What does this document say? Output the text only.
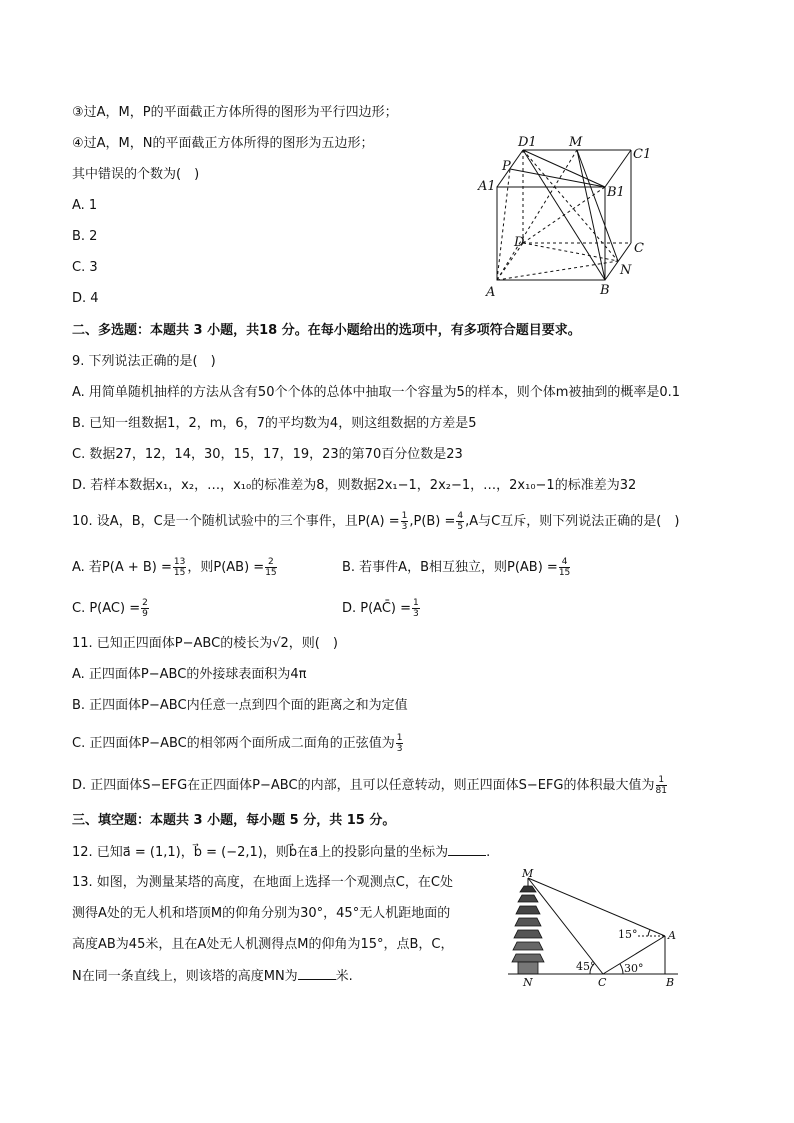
③过A，M，P的平面截正方体所得的图形为平行四边形；
④过A，M，N的平面截正方体所得的图形为五边形；
其中错误的个数为(　)
A. 1
B. 2
C. 3
D. 4
D1 M
C1
P
A1	B1
D	C
N
A	B
二、多选题：本题共 3 小题，共18 分。在每小题给出的选项中，有多项符合题目要求。
9. 下列说法正确的是(　)
A. 用简单随机抽样的方法从含有50个个体的总体中抽取一个容量为5的样本，则个体m被抽到的概率是0.1
B. 已知一组数据1，2，m，6，7的平均数为4，则这组数据的方差是5
C. 数据27，12，14，30，15，17，19，23的第70百分位数是23
D. 若样本数据x₁，x₂，…，x₁₀的标准差为8，则数据2x₁−1，2x₂−1，…，2x₁₀−1的标准差为32
10. 设A，B，C是一个随机试验中的三个事件，且$P(A) = \frac{1}{3} ,P(B) = \frac{4}{5} ,A$与C互斥，则下列说法正确的是(　)
A. 若$P(A + B) = \frac{13}{15}$ ，则$P(AB) = \frac{2}{15}$	B. 若事件A，B相互独立，则$P(AB) = \frac{4}{15}$
C. $P(AC) = \frac{2}{9}$	D. P(AC̄) = $\frac{1}{3}$
11. 已知正四面体P−ABC的棱长为√2，则(　)
A. 正四面体P−ABC的外接球表面积为4π
B. 正四面体P−ABC内任意一点到四个面的距离之和为定值
C. 正四面体P−ABC的相邻两个面所成二面角的正弦值为 $\frac{1}{3}$
D. 正四面体S−EFG在正四面体P−ABC的内部，且可以任意转动，则正四面体S−EFG的体积最大值为 $\frac{1}{81}$
三、填空题：本题共 3 小题，每小题 5 分，共 15 分。
12. 已知a⃗ = (1,1)，b⃗ = (−2,1)，则b⃗在a⃗上的投影向量的坐标为	.
13. 如图，为测量某塔的高度，在地面上选择一个观测点C，在C处
测得A处的无人机和塔顶M的仰角分别为30°，45°无人机距地面的
高度AB为45米，且在A处无人机测得点M的仰角为15°，点B，C，
N在同一条直线上，则该塔的高度MN为	米.
M
15°	A
45°	30°
N	C	B
